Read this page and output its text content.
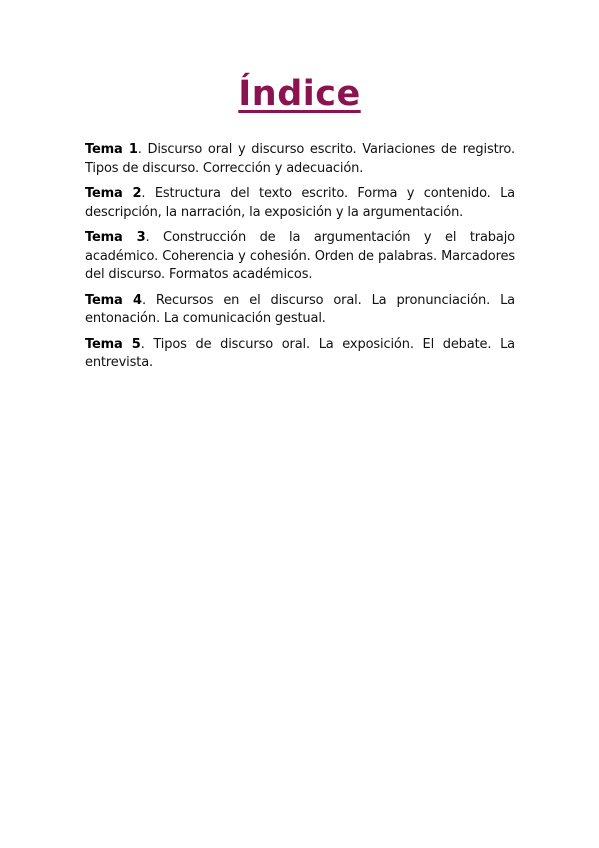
Índice
Tema 1. Discurso oral y discurso escrito. Variaciones de registro. Tipos de discurso. Corrección y adecuación.
Tema 2. Estructura del texto escrito. Forma y contenido. La descripción, la narración, la exposición y la argumentación.
Tema 3. Construcción de la argumentación y el trabajo académico. Coherencia y cohesión. Orden de palabras. Marcadores del discurso. Formatos académicos.
Tema 4. Recursos en el discurso oral. La pronunciación. La entonación. La comunicación gestual.
Tema 5. Tipos de discurso oral. La exposición. El debate. La entrevista.
